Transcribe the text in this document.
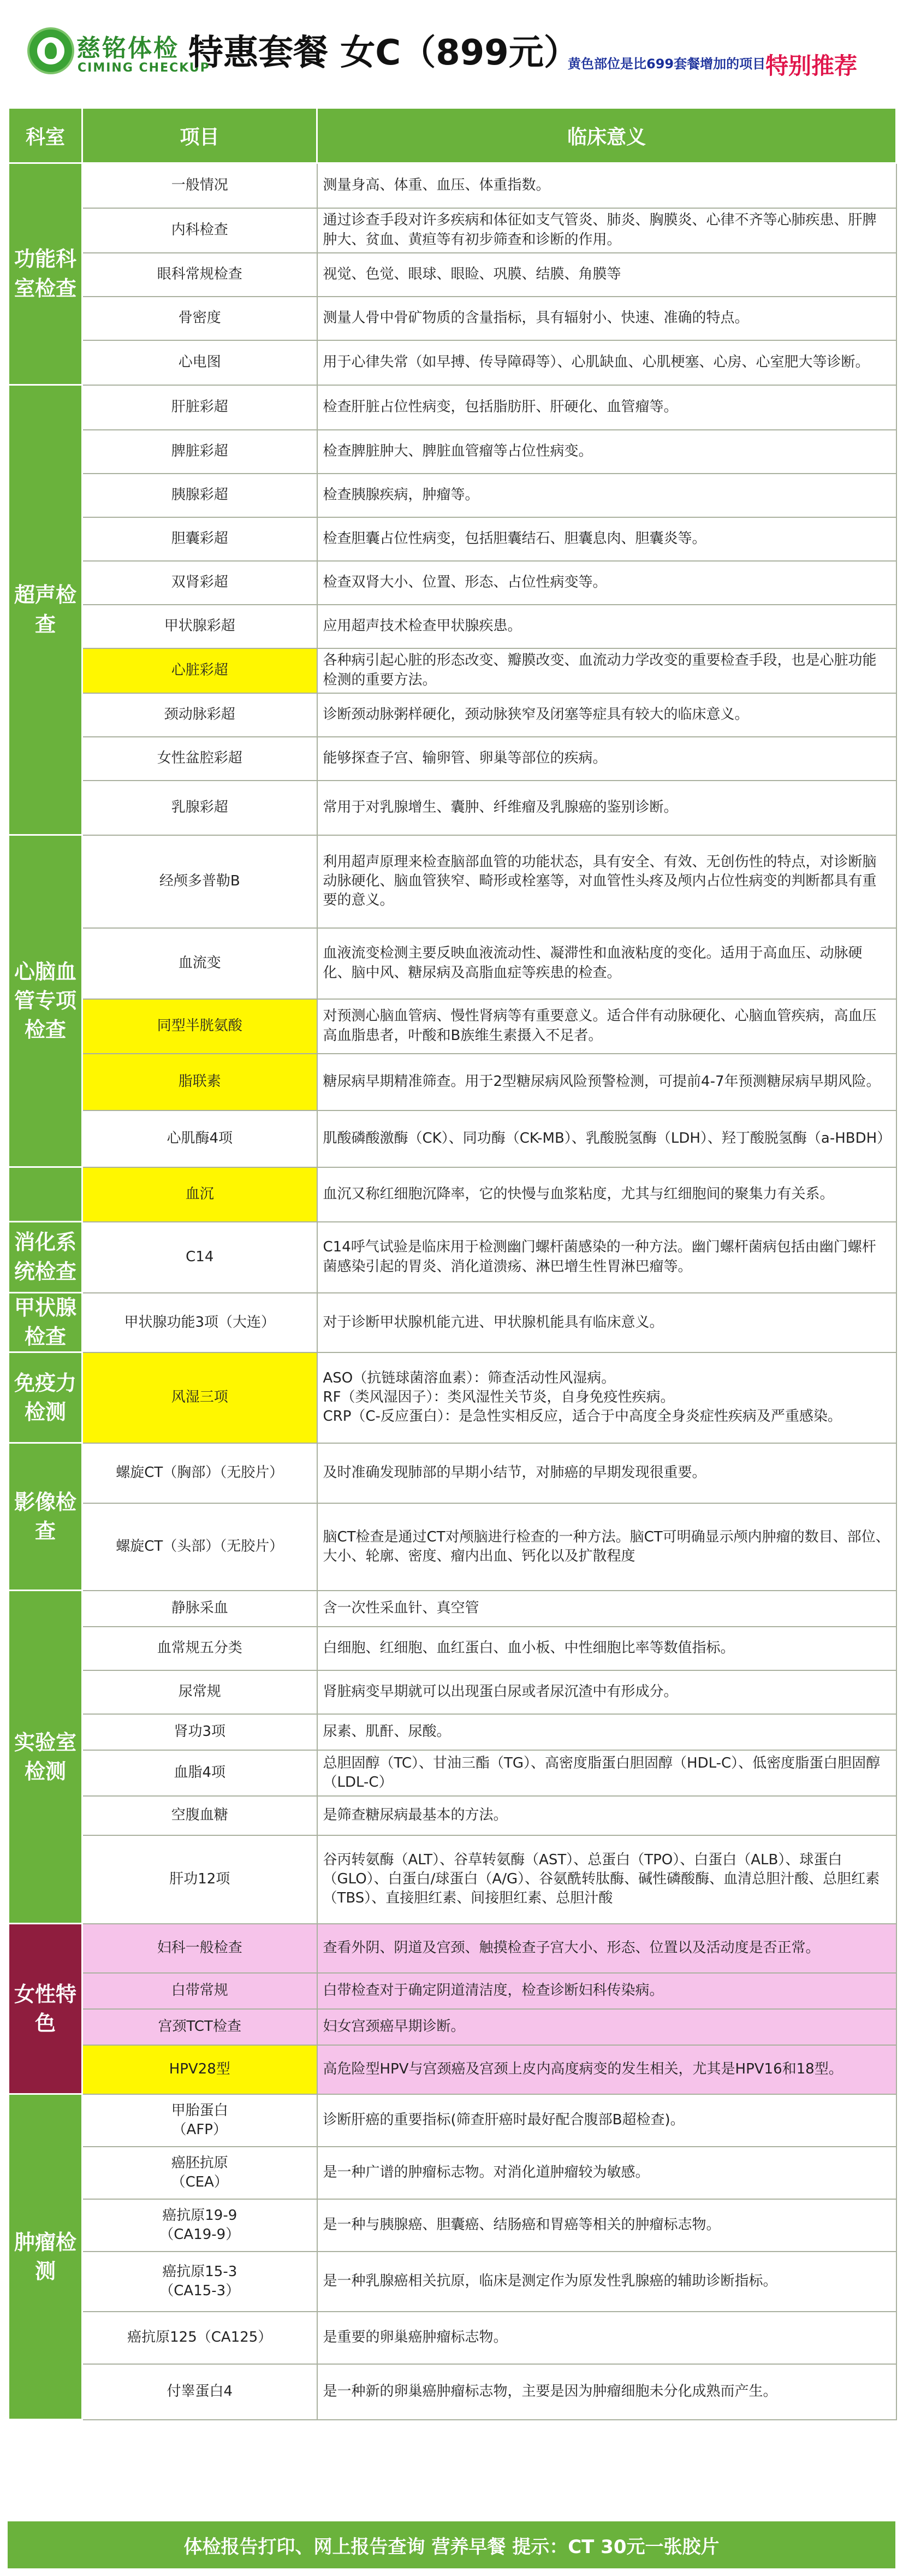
慈铭体检
CIMING CHECKUP
特惠套餐 女C（899元）
黄色部位是比699套餐增加的项目特别推荐
科室	项目	临床意义
功能科室检查	一般情况	测量身高、体重、血压、体重指数。
	内科检查	通过诊查手段对许多疾病和体征如支气管炎、肺炎、胸膜炎、心律不齐等心肺疾患、肝脾肿大、贫血、黄疸等有初步筛查和诊断的作用。
	眼科常规检查	视觉、色觉、眼球、眼睑、巩膜、结膜、角膜等
	骨密度	测量人骨中骨矿物质的含量指标，具有辐射小、快速、准确的特点。
	心电图	用于心律失常（如早搏、传导障碍等）、心肌缺血、心肌梗塞、心房、心室肥大等诊断。
超声检查	肝脏彩超	检查肝脏占位性病变，包括脂肪肝、肝硬化、血管瘤等。
	脾脏彩超	检查脾脏肿大、脾脏血管瘤等占位性病变。
	胰腺彩超	检查胰腺疾病，肿瘤等。
	胆囊彩超	检查胆囊占位性病变，包括胆囊结石、胆囊息肉、胆囊炎等。
	双肾彩超	检查双肾大小、位置、形态、占位性病变等。
	甲状腺彩超	应用超声技术检查甲状腺疾患。
	心脏彩超	各种病引起心脏的形态改变、瓣膜改变、血流动力学改变的重要检查手段，也是心脏功能检测的重要方法。
	颈动脉彩超	诊断颈动脉粥样硬化，颈动脉狭窄及闭塞等症具有较大的临床意义。
	女性盆腔彩超	能够探查子宫、输卵管、卵巢等部位的疾病。
	乳腺彩超	常用于对乳腺增生、囊肿、纤维瘤及乳腺癌的鉴别诊断。
心脑血管专项检查	经颅多普勒B	利用超声原理来检查脑部血管的功能状态，具有安全、有效、无创伤性的特点，对诊断脑动脉硬化、脑血管狭窄、畸形或栓塞等，对血管性头疼及颅内占位性病变的判断都具有重要的意义。
	血流变	血液流变检测主要反映血液流动性、凝滞性和血液粘度的变化。适用于高血压、动脉硬化、脑中风、糖尿病及高脂血症等疾患的检查。
	同型半胱氨酸	对预测心脑血管病、慢性肾病等有重要意义。适合伴有动脉硬化、心脑血管疾病，高血压高血脂患者，叶酸和B族维生素摄入不足者。
	脂联素	糖尿病早期精准筛查。用于2型糖尿病风险预警检测，可提前4-7年预测糖尿病早期风险。
	心肌酶4项	肌酸磷酸激酶（CK）、同功酶（CK-MB）、乳酸脱氢酶（LDH）、羟丁酸脱氢酶（a-HBDH）
	血沉	血沉又称红细胞沉降率，它的快慢与血浆粘度，尤其与红细胞间的聚集力有关系。
消化系统检查	C14	C14呼气试验是临床用于检测幽门螺杆菌感染的一种方法。幽门螺杆菌病包括由幽门螺杆菌感染引起的胃炎、消化道溃疡、淋巴增生性胃淋巴瘤等。
甲状腺检查	甲状腺功能3项（大连）	对于诊断甲状腺机能亢进、甲状腺机能具有临床意义。
免疫力检测	风湿三项	ASO（抗链球菌溶血素）：筛查活动性风湿病。
RF（类风湿因子）：类风湿性关节炎，自身免疫性疾病。
CRP（C-反应蛋白）：是急性实相反应，适合于中高度全身炎症性疾病及严重感染。
影像检查	螺旋CT（胸部）（无胶片）	及时准确发现肺部的早期小结节，对肺癌的早期发现很重要。
	螺旋CT（头部）（无胶片）	脑CT检查是通过CT对颅脑进行检查的一种方法。脑CT可明确显示颅内肿瘤的数目、部位、大小、轮廓、密度、瘤内出血、钙化以及扩散程度
实验室检测	静脉采血	含一次性采血针、真空管
	血常规五分类	白细胞、红细胞、血红蛋白、血小板、中性细胞比率等数值指标。
	尿常规	肾脏病变早期就可以出现蛋白尿或者尿沉渣中有形成分。
	肾功3项	尿素、肌酐、尿酸。
	血脂4项	总胆固醇（TC）、甘油三酯（TG）、高密度脂蛋白胆固醇（HDL-C）、低密度脂蛋白胆固醇（LDL-C）
	空腹血糖	是筛查糖尿病最基本的方法。
	肝功12项	谷丙转氨酶（ALT）、谷草转氨酶（AST）、总蛋白（TPO）、白蛋白（ALB）、球蛋白（GLO）、白蛋白/球蛋白（A/G）、谷氨酰转肽酶、碱性磷酸酶、血清总胆汁酸、总胆红素（TBS）、直接胆红素、间接胆红素、总胆汁酸
女性特色	妇科一般检查	查看外阴、阴道及宫颈、触摸检查子宫大小、形态、位置以及活动度是否正常。
	白带常规	白带检查对于确定阴道清洁度，检查诊断妇科传染病。
	宫颈TCT检查	妇女宫颈癌早期诊断。
	HPV28型	高危险型HPV与宫颈癌及宫颈上皮内高度病变的发生相关，尤其是HPV16和18型。
肿瘤检测	甲胎蛋白
（AFP）	诊断肝癌的重要指标(筛查肝癌时最好配合腹部B超检查)。
	癌胚抗原
（CEA）	是一种广谱的肿瘤标志物。对消化道肿瘤较为敏感。
	癌抗原19-9
（CA19-9）	是一种与胰腺癌、胆囊癌、结肠癌和胃癌等相关的肿瘤标志物。
	癌抗原15-3
（CA15-3）	是一种乳腺癌相关抗原，临床是测定作为原发性乳腺癌的辅助诊断指标。
	癌抗原125（CA125）	是重要的卵巢癌肿瘤标志物。
	付睾蛋白4	是一种新的卵巢癌肿瘤标志物，主要是因为肿瘤细胞未分化成熟而产生。
体检报告打印、网上报告查询 营养早餐 提示：CT 30元一张胶片
